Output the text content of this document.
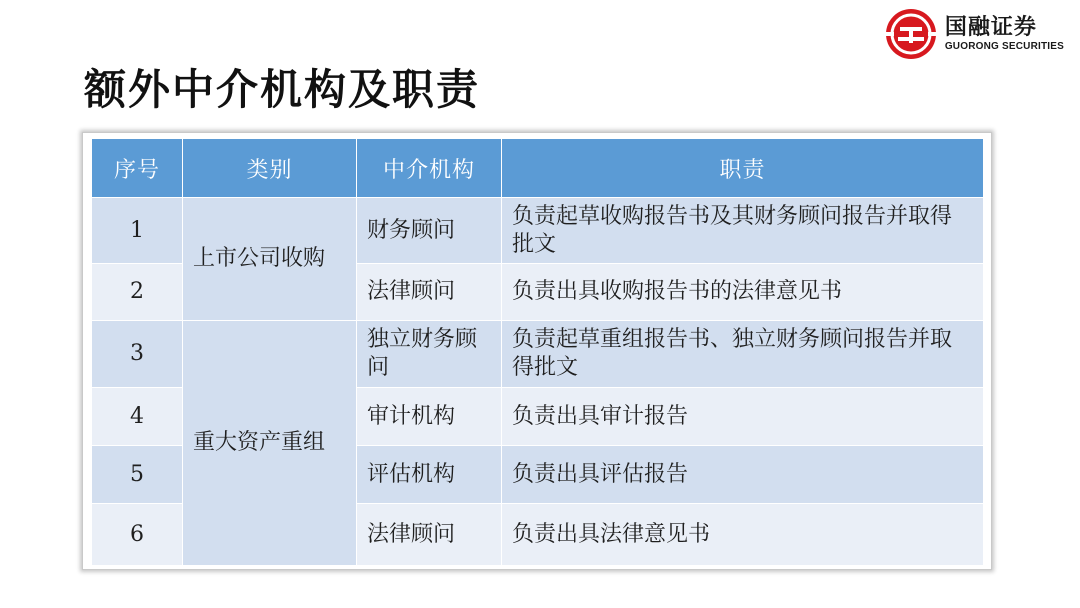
国融证券
GUORONG SECURITIES
额外中介机构及职责
序号	类别	中介机构	职责
1	上市公司收购	财务顾问	负责起草收购报告书及其财务顾问报告并取得批文
2		法律顾问	负责出具收购报告书的法律意见书
3	重大资产重组	独立财务顾问	负责起草重组报告书、独立财务顾问报告并取得批文
4		审计机构	负责出具审计报告
5		评估机构	负责出具评估报告
6		法律顾问	负责出具法律意见书
